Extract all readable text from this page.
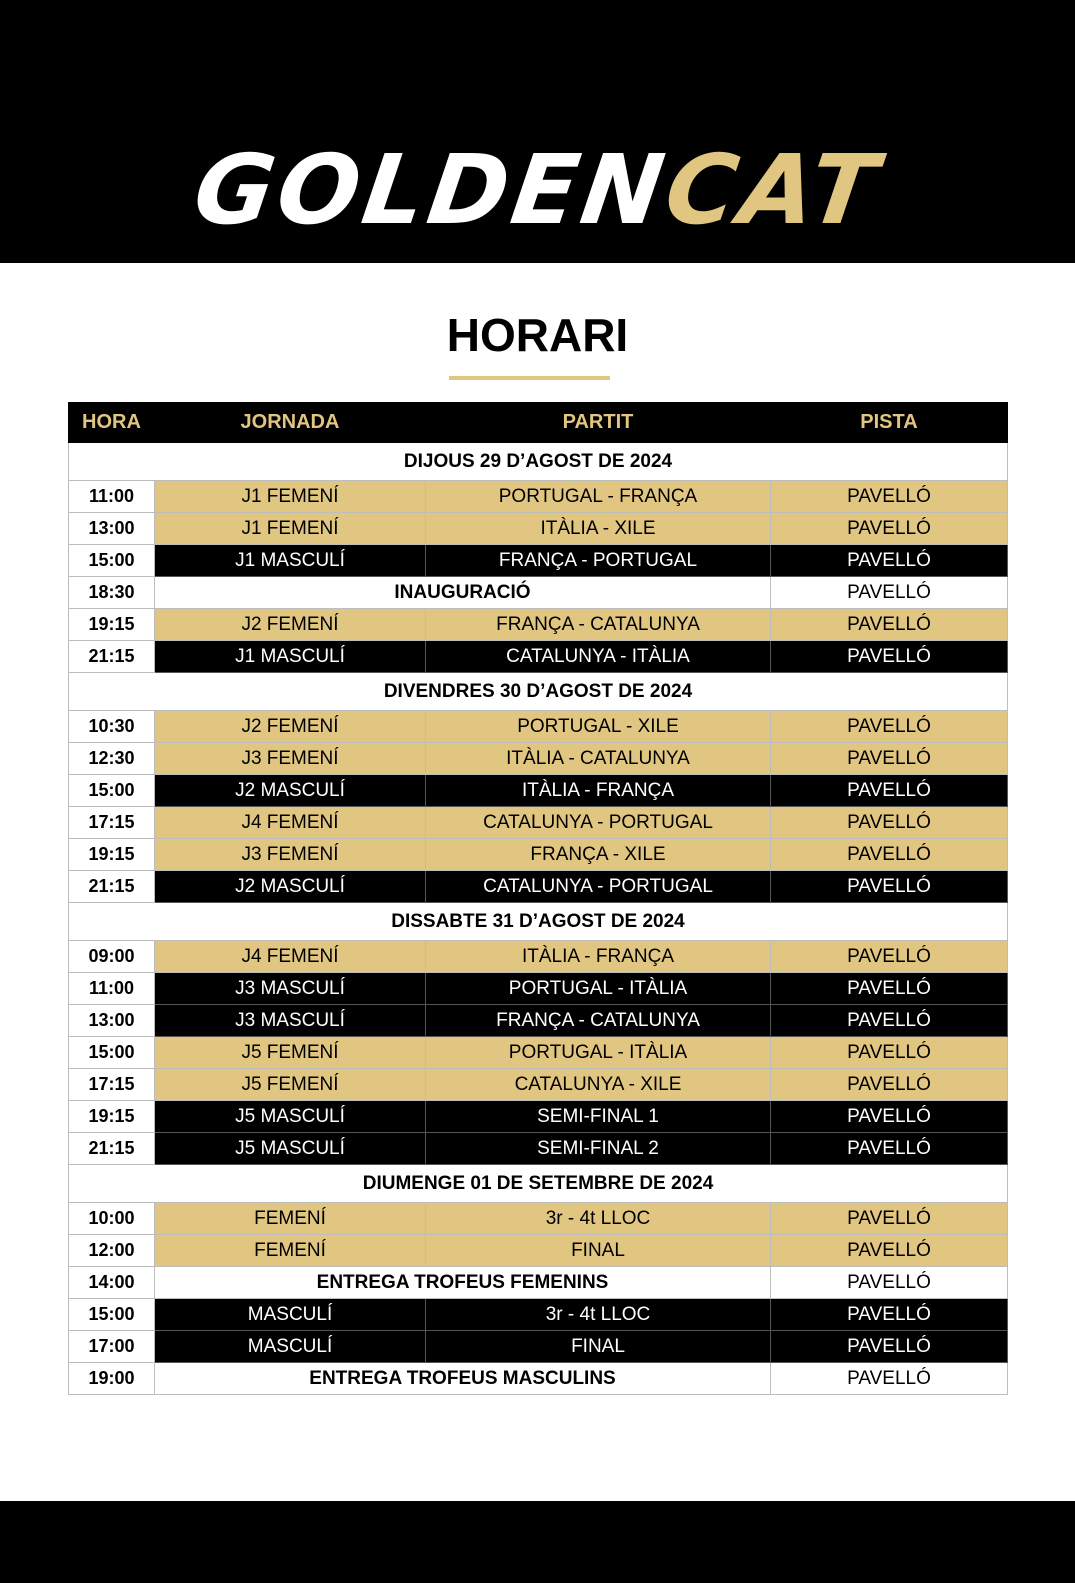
GOLDENCAT
HORARI
HORA	JORNADA	PARTIT	PISTA
DIJOUS 29 D’AGOST DE 2024			
11:00	J1 FEMENÍ	PORTUGAL - FRANÇA	PAVELLÓ
13:00	J1 FEMENÍ	ITÀLIA - XILE	PAVELLÓ
15:00	J1 MASCULÍ	FRANÇA - PORTUGAL	PAVELLÓ
18:30	INAUGURACIÓ		PAVELLÓ
19:15	J2 FEMENÍ	FRANÇA - CATALUNYA	PAVELLÓ
21:15	J1 MASCULÍ	CATALUNYA - ITÀLIA	PAVELLÓ
DIVENDRES 30 D’AGOST DE 2024			
10:30	J2 FEMENÍ	PORTUGAL - XILE	PAVELLÓ
12:30	J3 FEMENÍ	ITÀLIA - CATALUNYA	PAVELLÓ
15:00	J2 MASCULÍ	ITÀLIA - FRANÇA	PAVELLÓ
17:15	J4 FEMENÍ	CATALUNYA - PORTUGAL	PAVELLÓ
19:15	J3 FEMENÍ	FRANÇA - XILE	PAVELLÓ
21:15	J2 MASCULÍ	CATALUNYA - PORTUGAL	PAVELLÓ
DISSABTE 31 D’AGOST DE 2024			
09:00	J4 FEMENÍ	ITÀLIA - FRANÇA	PAVELLÓ
11:00	J3 MASCULÍ	PORTUGAL - ITÀLIA	PAVELLÓ
13:00	J3 MASCULÍ	FRANÇA - CATALUNYA	PAVELLÓ
15:00	J5 FEMENÍ	PORTUGAL - ITÀLIA	PAVELLÓ
17:15	J5 FEMENÍ	CATALUNYA - XILE	PAVELLÓ
19:15	J5 MASCULÍ	SEMI-FINAL 1	PAVELLÓ
21:15	J5 MASCULÍ	SEMI-FINAL 2	PAVELLÓ
DIUMENGE 01 DE SETEMBRE DE 2024			
10:00	FEMENÍ	3r - 4t LLOC	PAVELLÓ
12:00	FEMENÍ	FINAL	PAVELLÓ
14:00	ENTREGA TROFEUS FEMENINS		PAVELLÓ
15:00	MASCULÍ	3r - 4t LLOC	PAVELLÓ
17:00	MASCULÍ	FINAL	PAVELLÓ
19:00	ENTREGA TROFEUS MASCULINS		PAVELLÓ
